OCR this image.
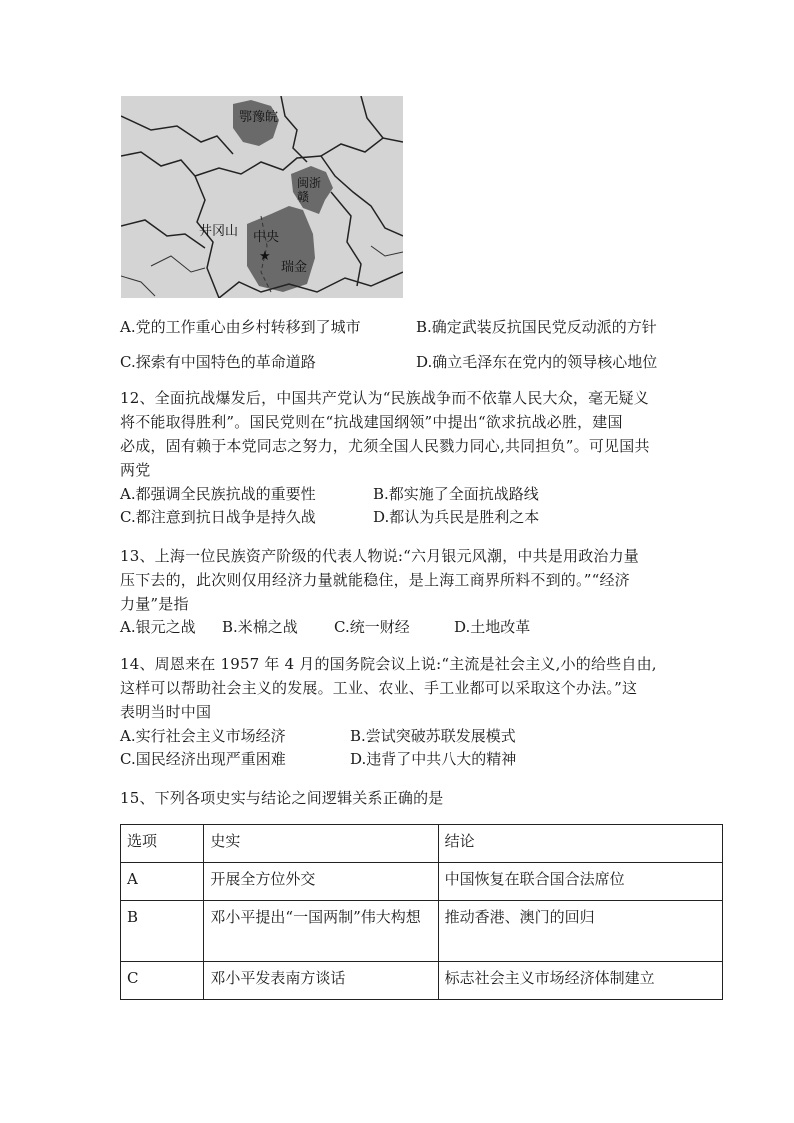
鄂豫皖
闽浙赣
井冈山 中央
★
瑞金
A.党的工作重心由乡村转移到了城市	B.确定武装反抗国民党反动派的方针
C.探索有中国特色的革命道路	D.确立毛泽东在党内的领导核心地位
12、全面抗战爆发后，中国共产党认为“民族战争而不依靠人民大众，毫无疑义
将不能取得胜利”。国民党则在“抗战建国纲领”中提出“欲求抗战必胜，建国
必成，固有赖于本党同志之努力，尤须全国人民戮力同心,共同担负”。可见国共
两党
A.都强调全民族抗战的重要性	B.都实施了全面抗战路线
C.都注意到抗日战争是持久战	D.都认为兵民是胜利之本
13、上海一位民族资产阶级的代表人物说:“六月银元风潮，中共是用政治力量
压下去的，此次则仅用经济力量就能稳住，是上海工商界所料不到的。”“经济
力量”是指
A.银元之战 B.米棉之战 C.统一财经	D.土地改革
14、周恩来在 1957 年 4 月的国务院会议上说:“主流是社会主义,小的给些自由,
这样可以帮助社会主义的发展。工业、农业、手工业都可以采取这个办法。”这
表明当时中国
A.实行社会主义市场经济	B.尝试突破苏联发展模式
C.国民经济出现严重困难	D.违背了中共八大的精神
15、下列各项史实与结论之间逻辑关系正确的是
选项	史实	结论
A	开展全方位外交	中国恢复在联合国合法席位
B	邓小平提出“一国两制”伟大构想	推动香港、澳门的回归
C	邓小平发表南方谈话	标志社会主义市场经济体制建立
